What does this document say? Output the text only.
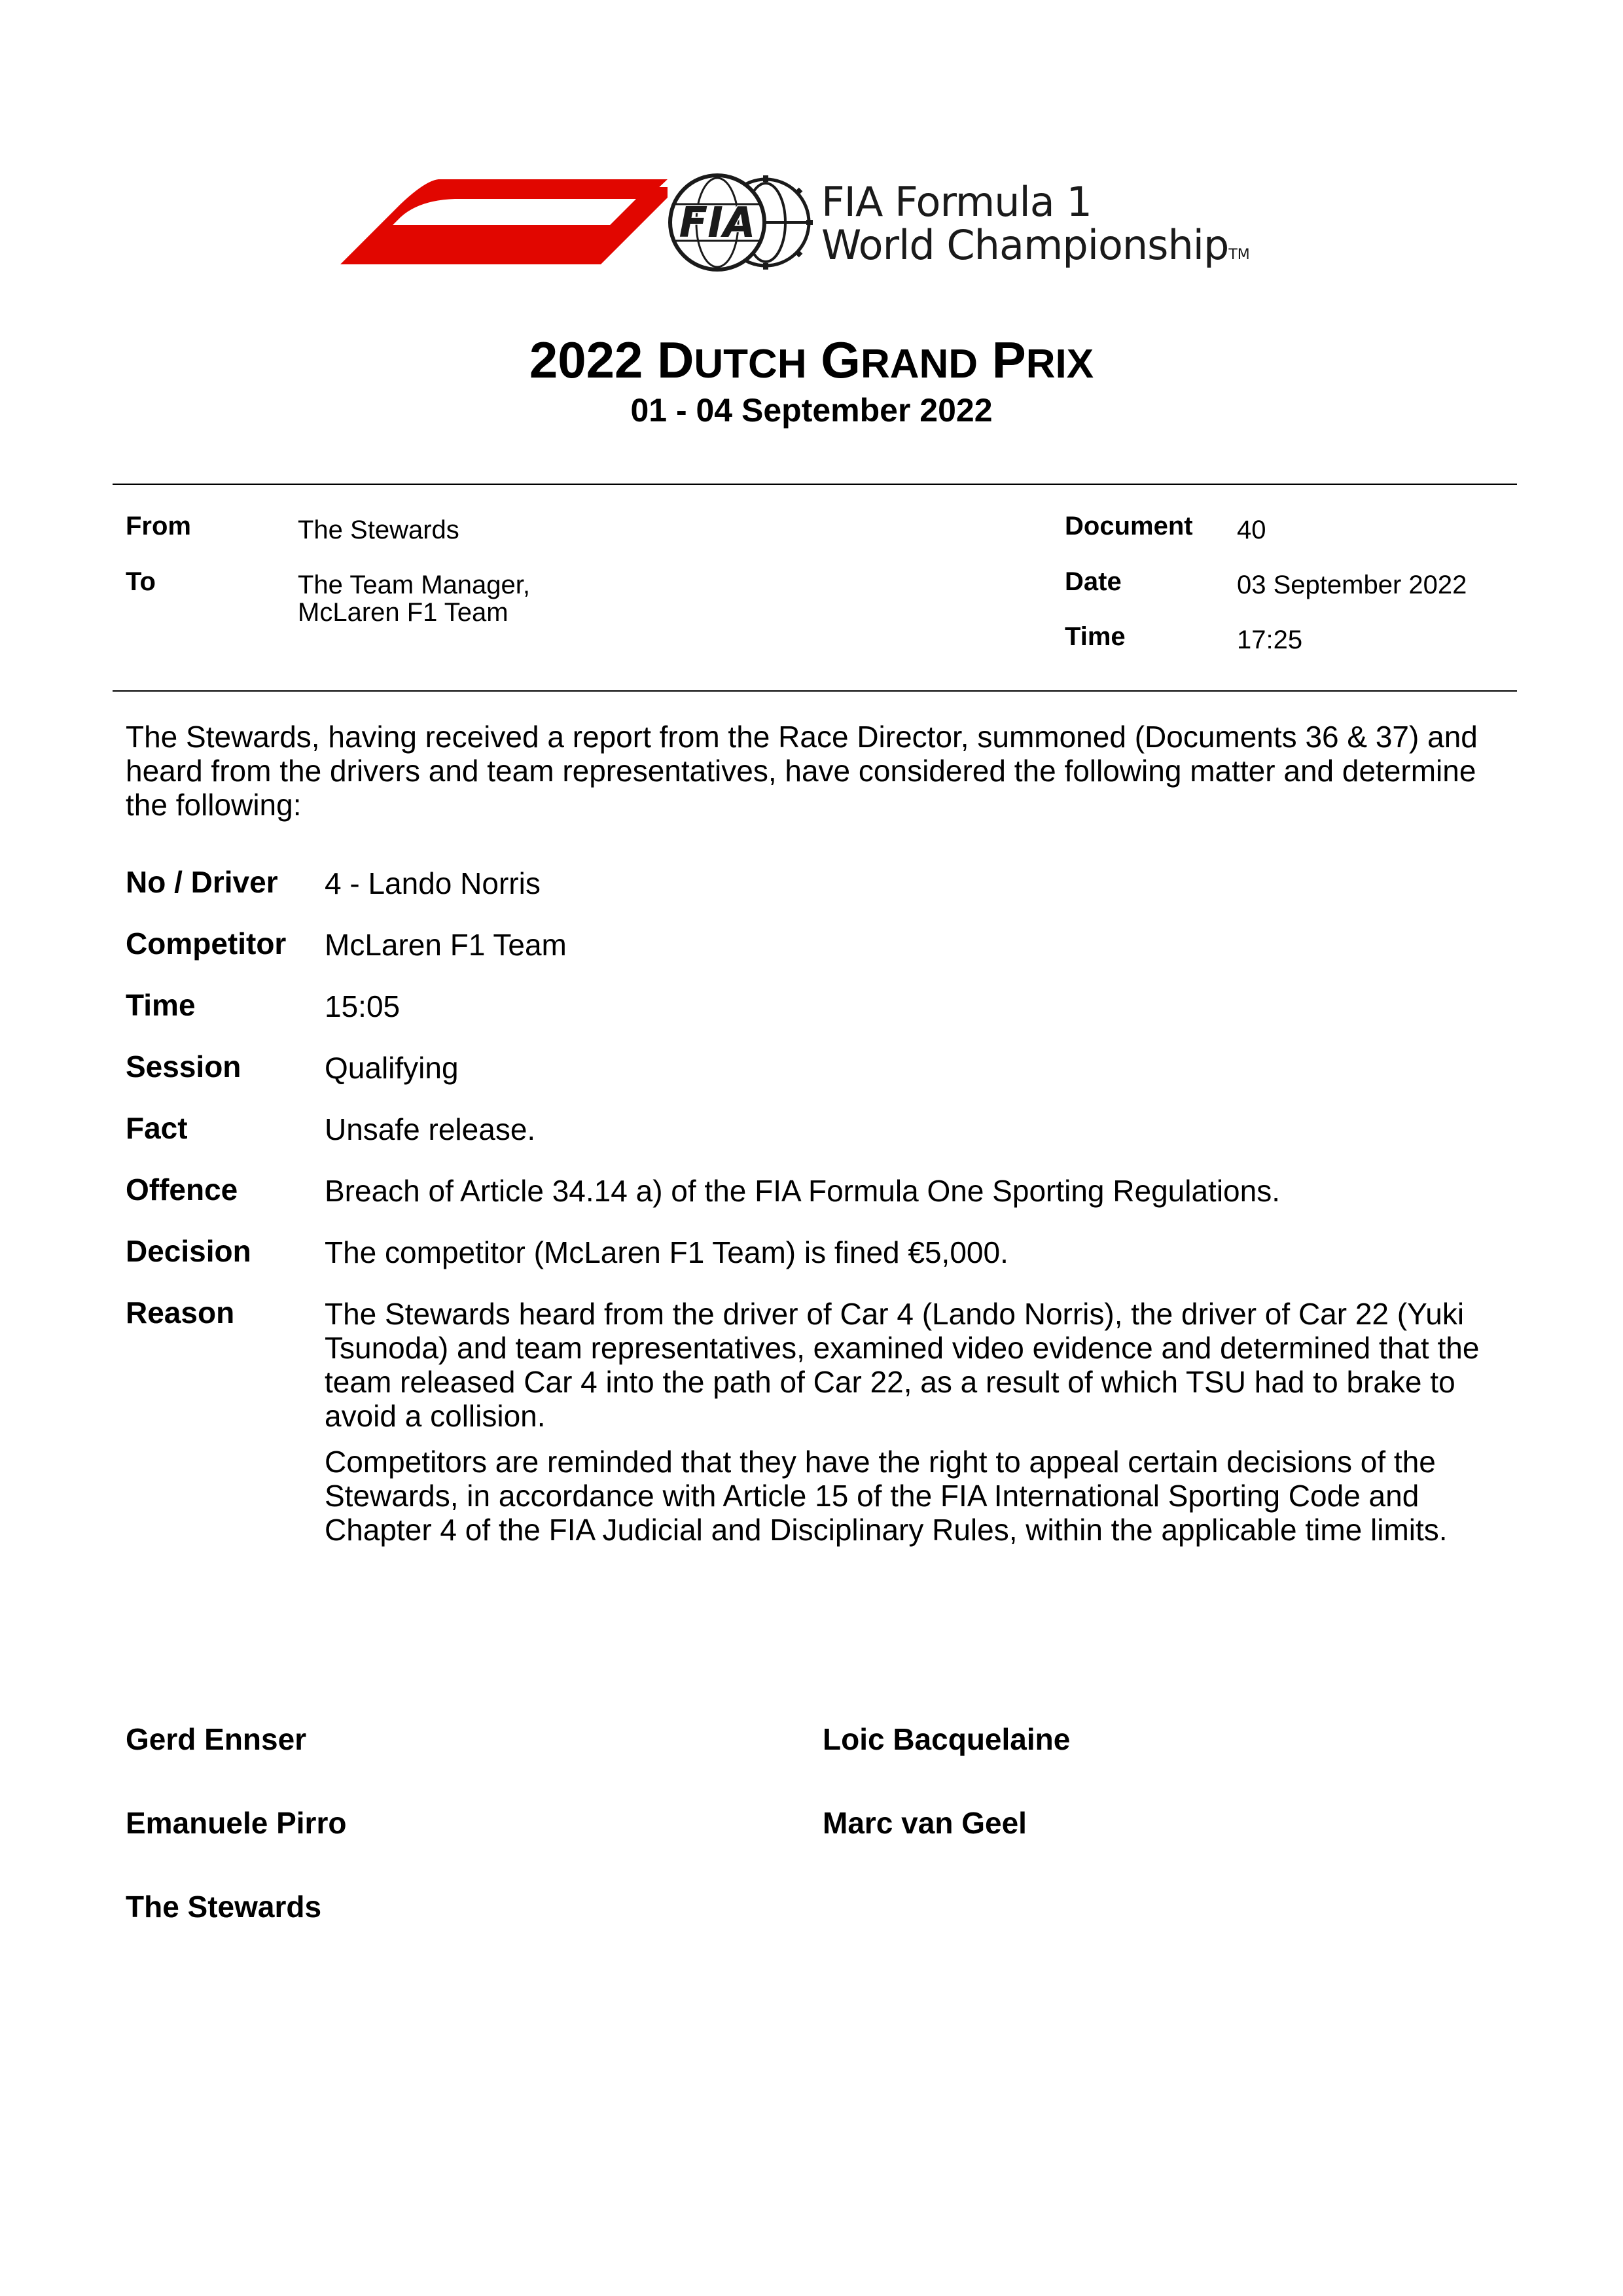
FIA FIA Formula 1
World ChampionshipTM
2022 DUTCH GRAND PRIX
01 - 04 September 2022
From	The Stewards
To	The Team Manager,
McLaren F1 Team
Document 40
Date	03 September 2022
Time	17:25
The Stewards, having received a report from the Race Director, summoned (Documents 36 & 37) and heard from the drivers and team representatives, have considered the following matter and determine the following:
No / Driver 4 - Lando Norris
Competitor McLaren F1 Team
Time	15:05
Session	Qualifying
Fact	Unsafe release.
Offence	Breach of Article 34.14 a) of the FIA Formula One Sporting Regulations.
Decision The competitor (McLaren F1 Team) is fined €5,000.
Reason	The Stewards heard from the driver of Car 4 (Lando Norris), the driver of Car 22 (Yuki Tsunoda) and team representatives, examined video evidence and determined that the team released Car 4 into the path of Car 22, as a result of which TSU had to brake to avoid a collision.
Competitors are reminded that they have the right to appeal certain decisions of the Stewards, in accordance with Article 15 of the FIA International Sporting Code and Chapter 4 of the FIA Judicial and Disciplinary Rules, within the applicable time limits.
Gerd Ennser	Loic Bacquelaine
Emanuele Pirro	Marc van Geel
The Stewards
